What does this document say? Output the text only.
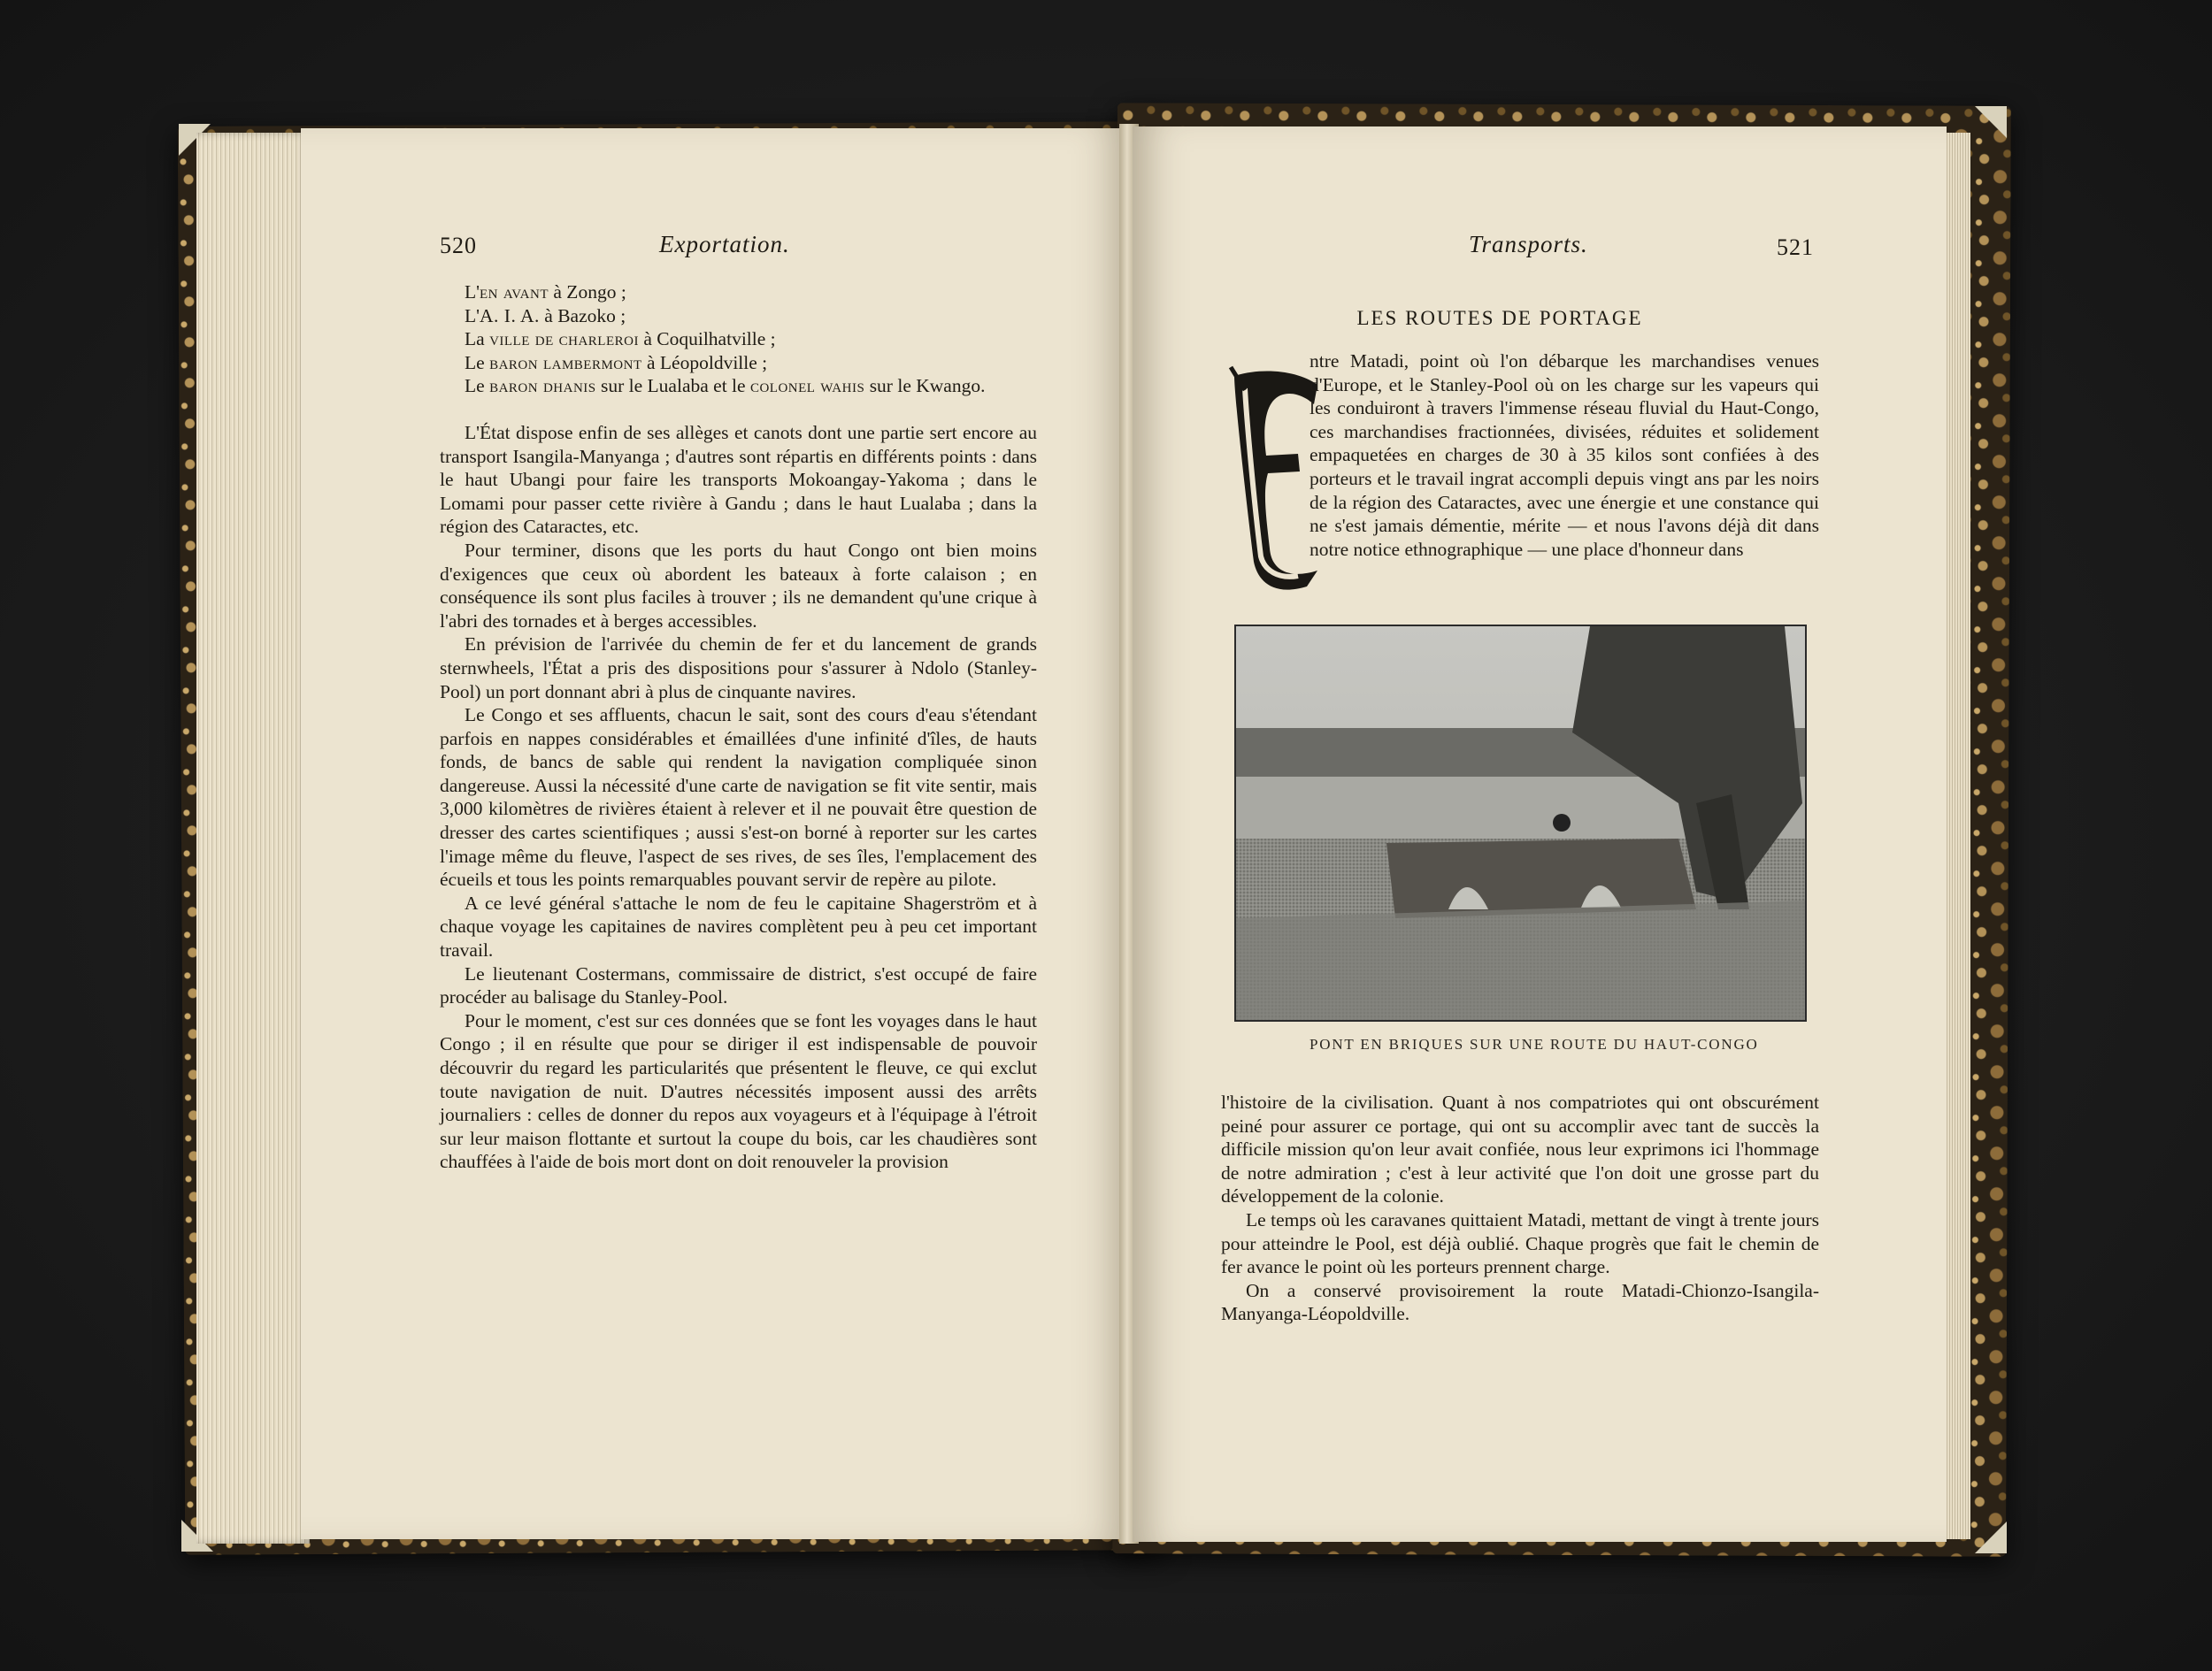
520	Exportation.

L'en avant à Zongo ;

L'A. I. A. à Bazoko ;

La ville de charleroi à Coquilhatville ;

Le baron lambermont à Léopoldville ;

Le baron dhanis sur le Lualaba et le colonel wahis sur le Kwango.

L'État dispose enfin de ses allèges et canots dont une partie sert encore au transport Isangila-Manyanga ; d'autres sont répartis en différents points : dans le haut Ubangi pour faire les transports Mokoangay-Yakoma ; dans le Lomami pour passer cette rivière à Gandu ; dans le haut Lualaba ; dans la région des Cataractes, etc.

Pour terminer, disons que les ports du haut Congo ont bien moins d'exigences que ceux où abordent les bateaux à forte calaison ; en conséquence ils sont plus faciles à trouver ; ils ne demandent qu'une crique à l'abri des tornades et à berges accessibles.

En prévision de l'arrivée du chemin de fer et du lancement de grands sternwheels, l'État a pris des dispositions pour s'assurer à Ndolo (Stanley-Pool) un port donnant abri à plus de cinquante navires.

Le Congo et ses affluents, chacun le sait, sont des cours d'eau s'étendant parfois en nappes considérables et émaillées d'une infinité d'îles, de hauts fonds, de bancs de sable qui rendent la navigation compliquée sinon dangereuse. Aussi la nécessité d'une carte de navigation se fit vite sentir, mais 3,000 kilomètres de rivières étaient à relever et il ne pouvait être question de dresser des cartes scientifiques ; aussi s'est-on borné à reporter sur les cartes l'image même du fleuve, l'aspect de ses rives, de ses îles, l'emplacement des écueils et tous les points remarquables pouvant servir de repère au pilote.

A ce levé général s'attache le nom de feu le capitaine Shagerström et à chaque voyage les capitaines de navires complètent peu à peu cet important travail.

Le lieutenant Costermans, commissaire de district, s'est occupé de faire procéder au balisage du Stanley-Pool.

Pour le moment, c'est sur ces données que se font les voyages dans le haut Congo ; il en résulte que pour se diriger il est indispensable de pouvoir découvrir du regard les particularités que présentent le fleuve, ce qui exclut toute navigation de nuit. D'autres nécessités imposent aussi des arrêts journaliers : celles de donner du repos aux voyageurs et à l'équipage à l'étroit sur leur maison flottante et surtout la coupe du bois, car les chaudières sont chauffées à l'aide de bois mort dont on doit renouveler la provision

Transports.	521
LES ROUTES DE PORTAGE

ntre Matadi, point où l'on débarque les marchandises venues d'Europe, et le Stanley-Pool où on les charge sur les vapeurs qui les conduiront à travers l'immense réseau fluvial du Haut-Congo, ces marchandises fractionnées, divisées, réduites et solidement empaquetées en charges de 30 à 35 kilos sont confiées à des porteurs et le travail ingrat accompli depuis vingt ans par les noirs de la région des Cataractes, avec une énergie et une constance qui ne s'est jamais démentie, mérite — et nous l'avons déjà dit dans notre notice ethnographique — une place d'honneur dans

PONT EN BRIQUES SUR UNE ROUTE DU HAUT-CONGO

l'histoire de la civilisation. Quant à nos compatriotes qui ont obscurément peiné pour assurer ce portage, qui ont su accomplir avec tant de succès la difficile mission qu'on leur avait confiée, nous leur exprimons ici l'hommage de notre admiration ; c'est à leur activité que l'on doit une grosse part du développement de la colonie.

Le temps où les caravanes quittaient Matadi, mettant de vingt à trente jours pour atteindre le Pool, est déjà oublié. Chaque progrès que fait le chemin de fer avance le point où les porteurs prennent charge.

On a conservé provisoirement la route Matadi-Chionzo-Isangila-Manyanga-Léopoldville.
